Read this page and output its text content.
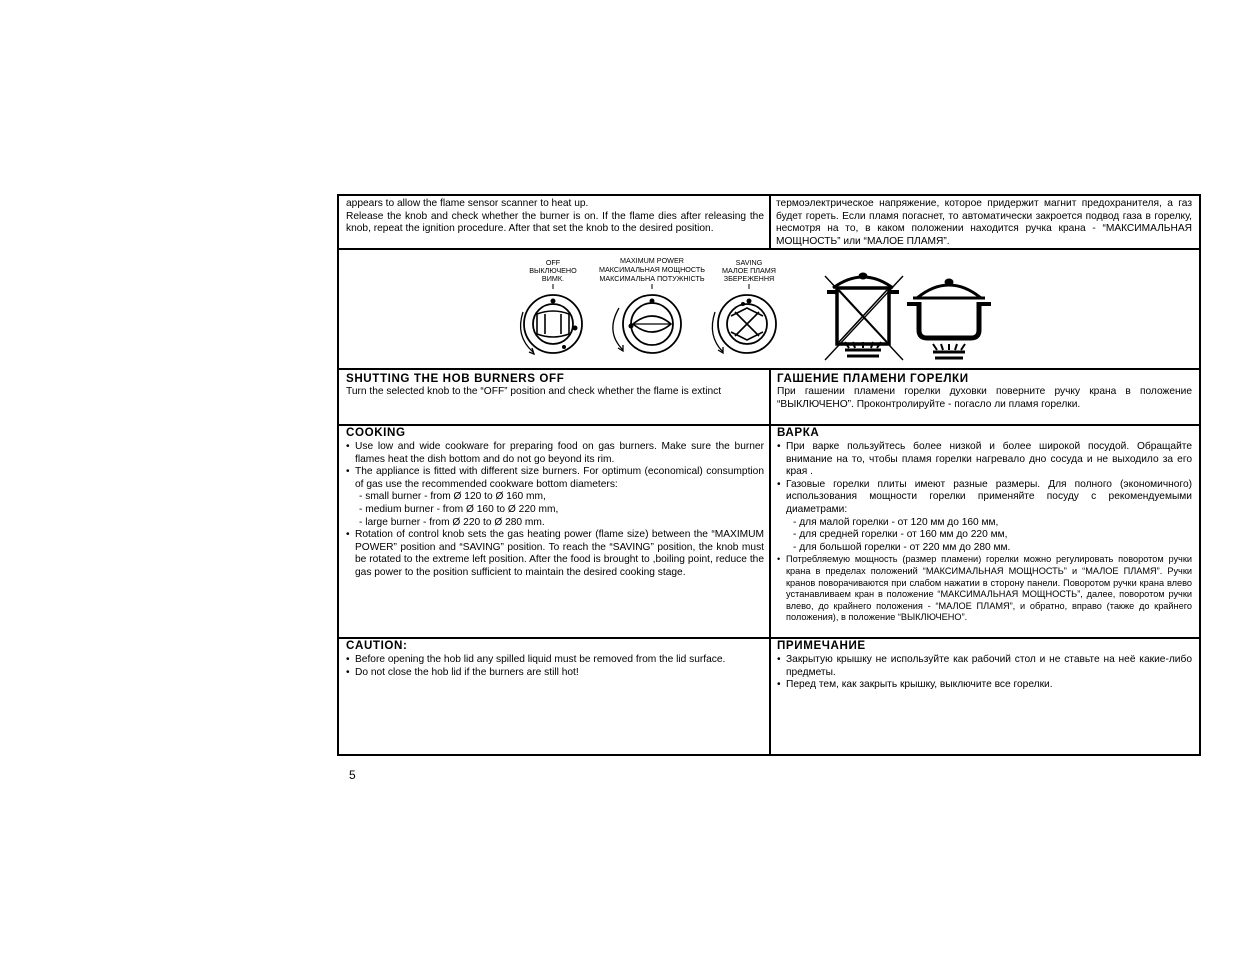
appears to allow the flame sensor scanner to heat up.

Release the knob and check whether the burner is on. If the flame dies after releasing the knob, repeat the ignition procedure. After that set the knob to the desired position.

термоэлектрическое напряжение, которое придержит магнит предохранителя, а газ будет гореть. Если пламя погаснет, то автоматически закроется подвод газа в горелку, несмотря на то, в каком положении находится ручка крана - “МАКСИМАЛЬНАЯ МОЩНОСТЬ” или “МАЛОЕ ПЛАМЯ”.

OFF
ВЫКЛЮЧЕНО
ВИМК.
MAXIMUM POWER
МАКСИМАЛЬНАЯ МОЩНОСТЬ
МАКСИМАЛЬНА ПОТУЖНІСТЬ
SAVING
МАЛОЕ ПЛАМЯ
ЗБЕРЕЖЕННЯ
SHUTTING THE HOB BURNERS OFF

Turn the selected knob to the “OFF” position and check whether the flame is extinct

ГАШЕНИЕ ПЛАМЕНИ ГОРЕЛКИ

При гашении пламени горелки духовки поверните ручку крана в положение “ВЫКЛЮЧЕНО”. Проконтролируйте - погасло ли пламя горелки.

COOKING
• Use low and wide cookware for preparing food on gas burners. Make sure the burner flames heat the dish bottom and do not go beyond its rim.
• The appliance is fitted with different size burners. For optimum (economical) consumption of gas use the recommended cookware bottom diameters:

- small burner - from Ø 120 to Ø 160 mm,

- medium burner - from Ø 160 to Ø 220 mm,

- large burner - from Ø 220 to Ø 280 mm.

• Rotation of control knob sets the gas heating power (flame size) between the “MAXIMUM POWER” position and “SAVING” position. To reach the “SAVING” position, the knob must be rotated to the extreme left position. After the food is brought to ,boiling point, reduce the gas power to the position sufficient to maintain the desired cooking stage.
ВАРКА
• При варке пользуйтесь более низкой и более широкой посудой. Обращайте внимание на то, чтобы пламя горелки нагревало дно сосуда и не выходило за его края .
• Газовые горелки плиты имеют разные размеры. Для полного (экономичного) использования мощности горелки применяйте посуду с рекомендуемыми диаметрами:

- для малой горелки - от 120 мм до 160 мм,

- для средней горелки - от 160 мм до 220 мм,

- для большой горелки - от 220 мм до 280 мм.

• Потребляемую мощность (размер пламени) горелки можно регулировать поворотом ручки крана в пределах положений “МАКСИМАЛЬНАЯ МОЩНОСТЬ” и “МАЛОЕ ПЛАМЯ”. Ручки кранов поворачиваются при слабом нажатии в сторону панели. Поворотом ручки крана влево устанавливаем кран в положение “МАКСИМАЛЬНАЯ МОЩНОСТЬ”, далее, поворотом ручки влево, до крайнего положения - “МАЛОЕ ПЛАМЯ”, и обратно, вправо (также до крайнего положения), в положение “ВЫКЛЮЧЕНО”.
CAUTION:
• Before opening the hob lid any spilled liquid must be removed from the lid surface.
• Do not close the hob lid if the burners are still hot!
ПРИМЕЧАНИЕ
• Закрытую крышку не используйте как рабочий стол и не ставьте на неё какие-либо предметы.
• Перед тем, как закрыть крышку, выключите все горелки.
5
